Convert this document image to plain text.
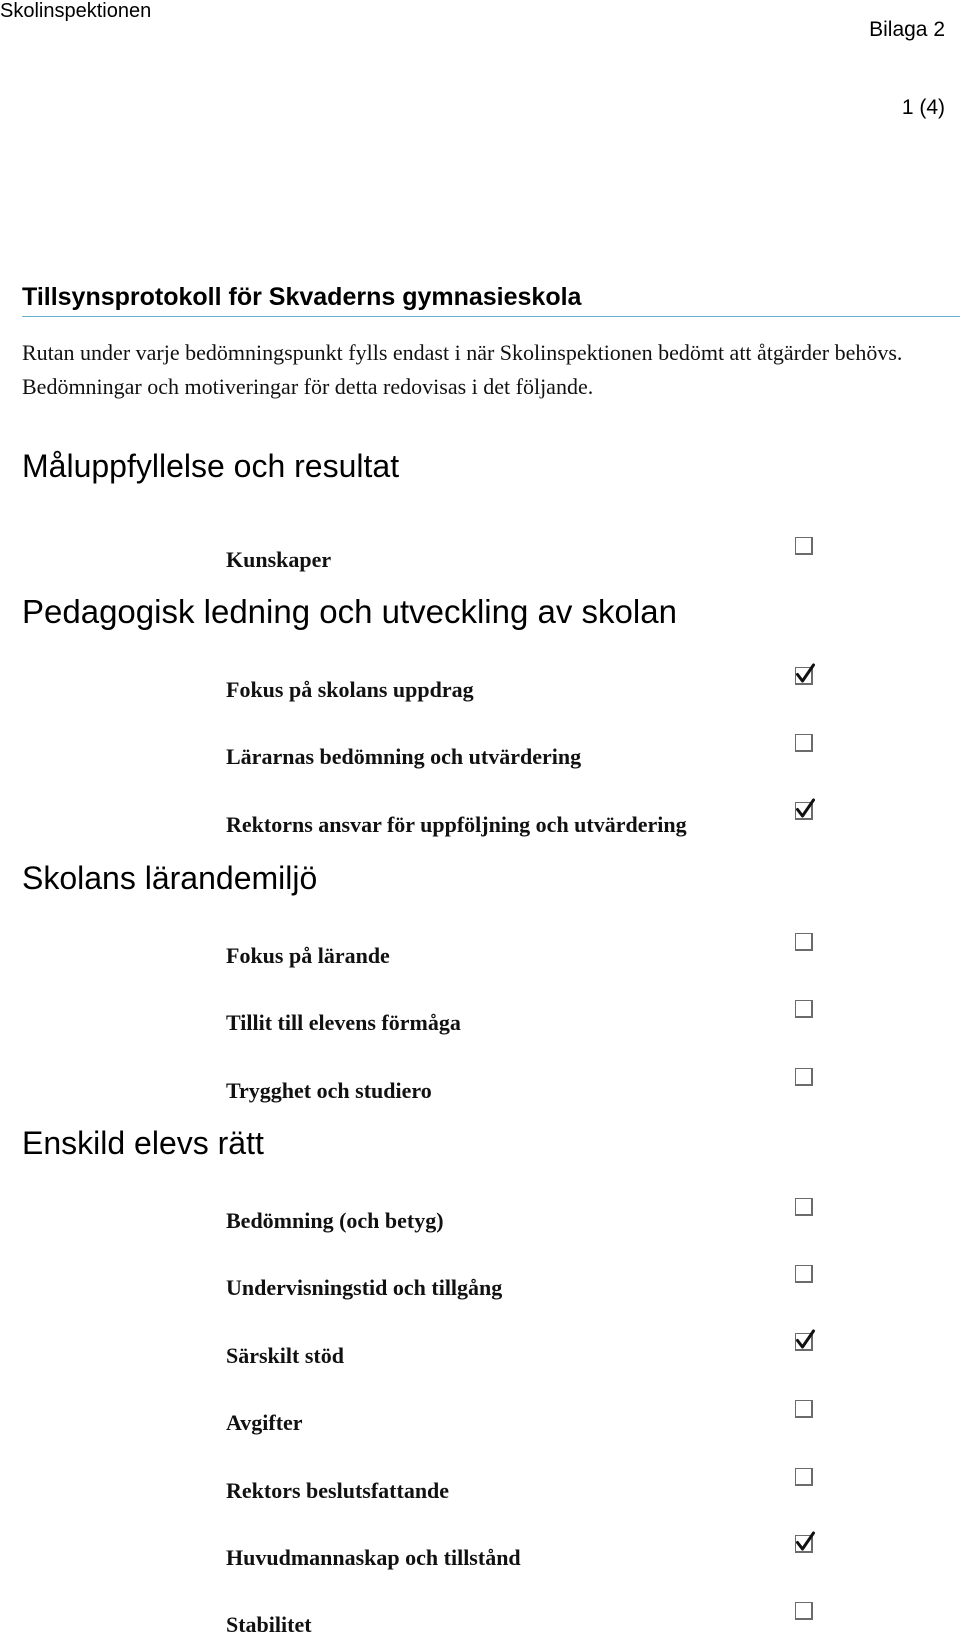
Skolinspektionen
Bilaga 2
1 (4)
Tillsynsprotokoll för Skvaderns gymnasieskola

Rutan under varje bedömningspunkt fylls endast i när Skolinspektionen bedömt att åtgärder behövs. Bedömningar och motiveringar för detta redovisas i det följande.

Måluppfyllelse och resultat
Kunskaper
Pedagogisk ledning och utveckling av skolan
Fokus på skolans uppdrag
Lärarnas bedömning och utvärdering
Rektorns ansvar för uppföljning och utvärdering
Skolans lärandemiljö
Fokus på lärande
Tillit till elevens förmåga
Trygghet och studiero
Enskild elevs rätt
Bedömning (och betyg)
Undervisningstid och tillgång
Särskilt stöd
Avgifter
Rektors beslutsfattande
Huvudmannaskap och tillstånd
Stabilitet
